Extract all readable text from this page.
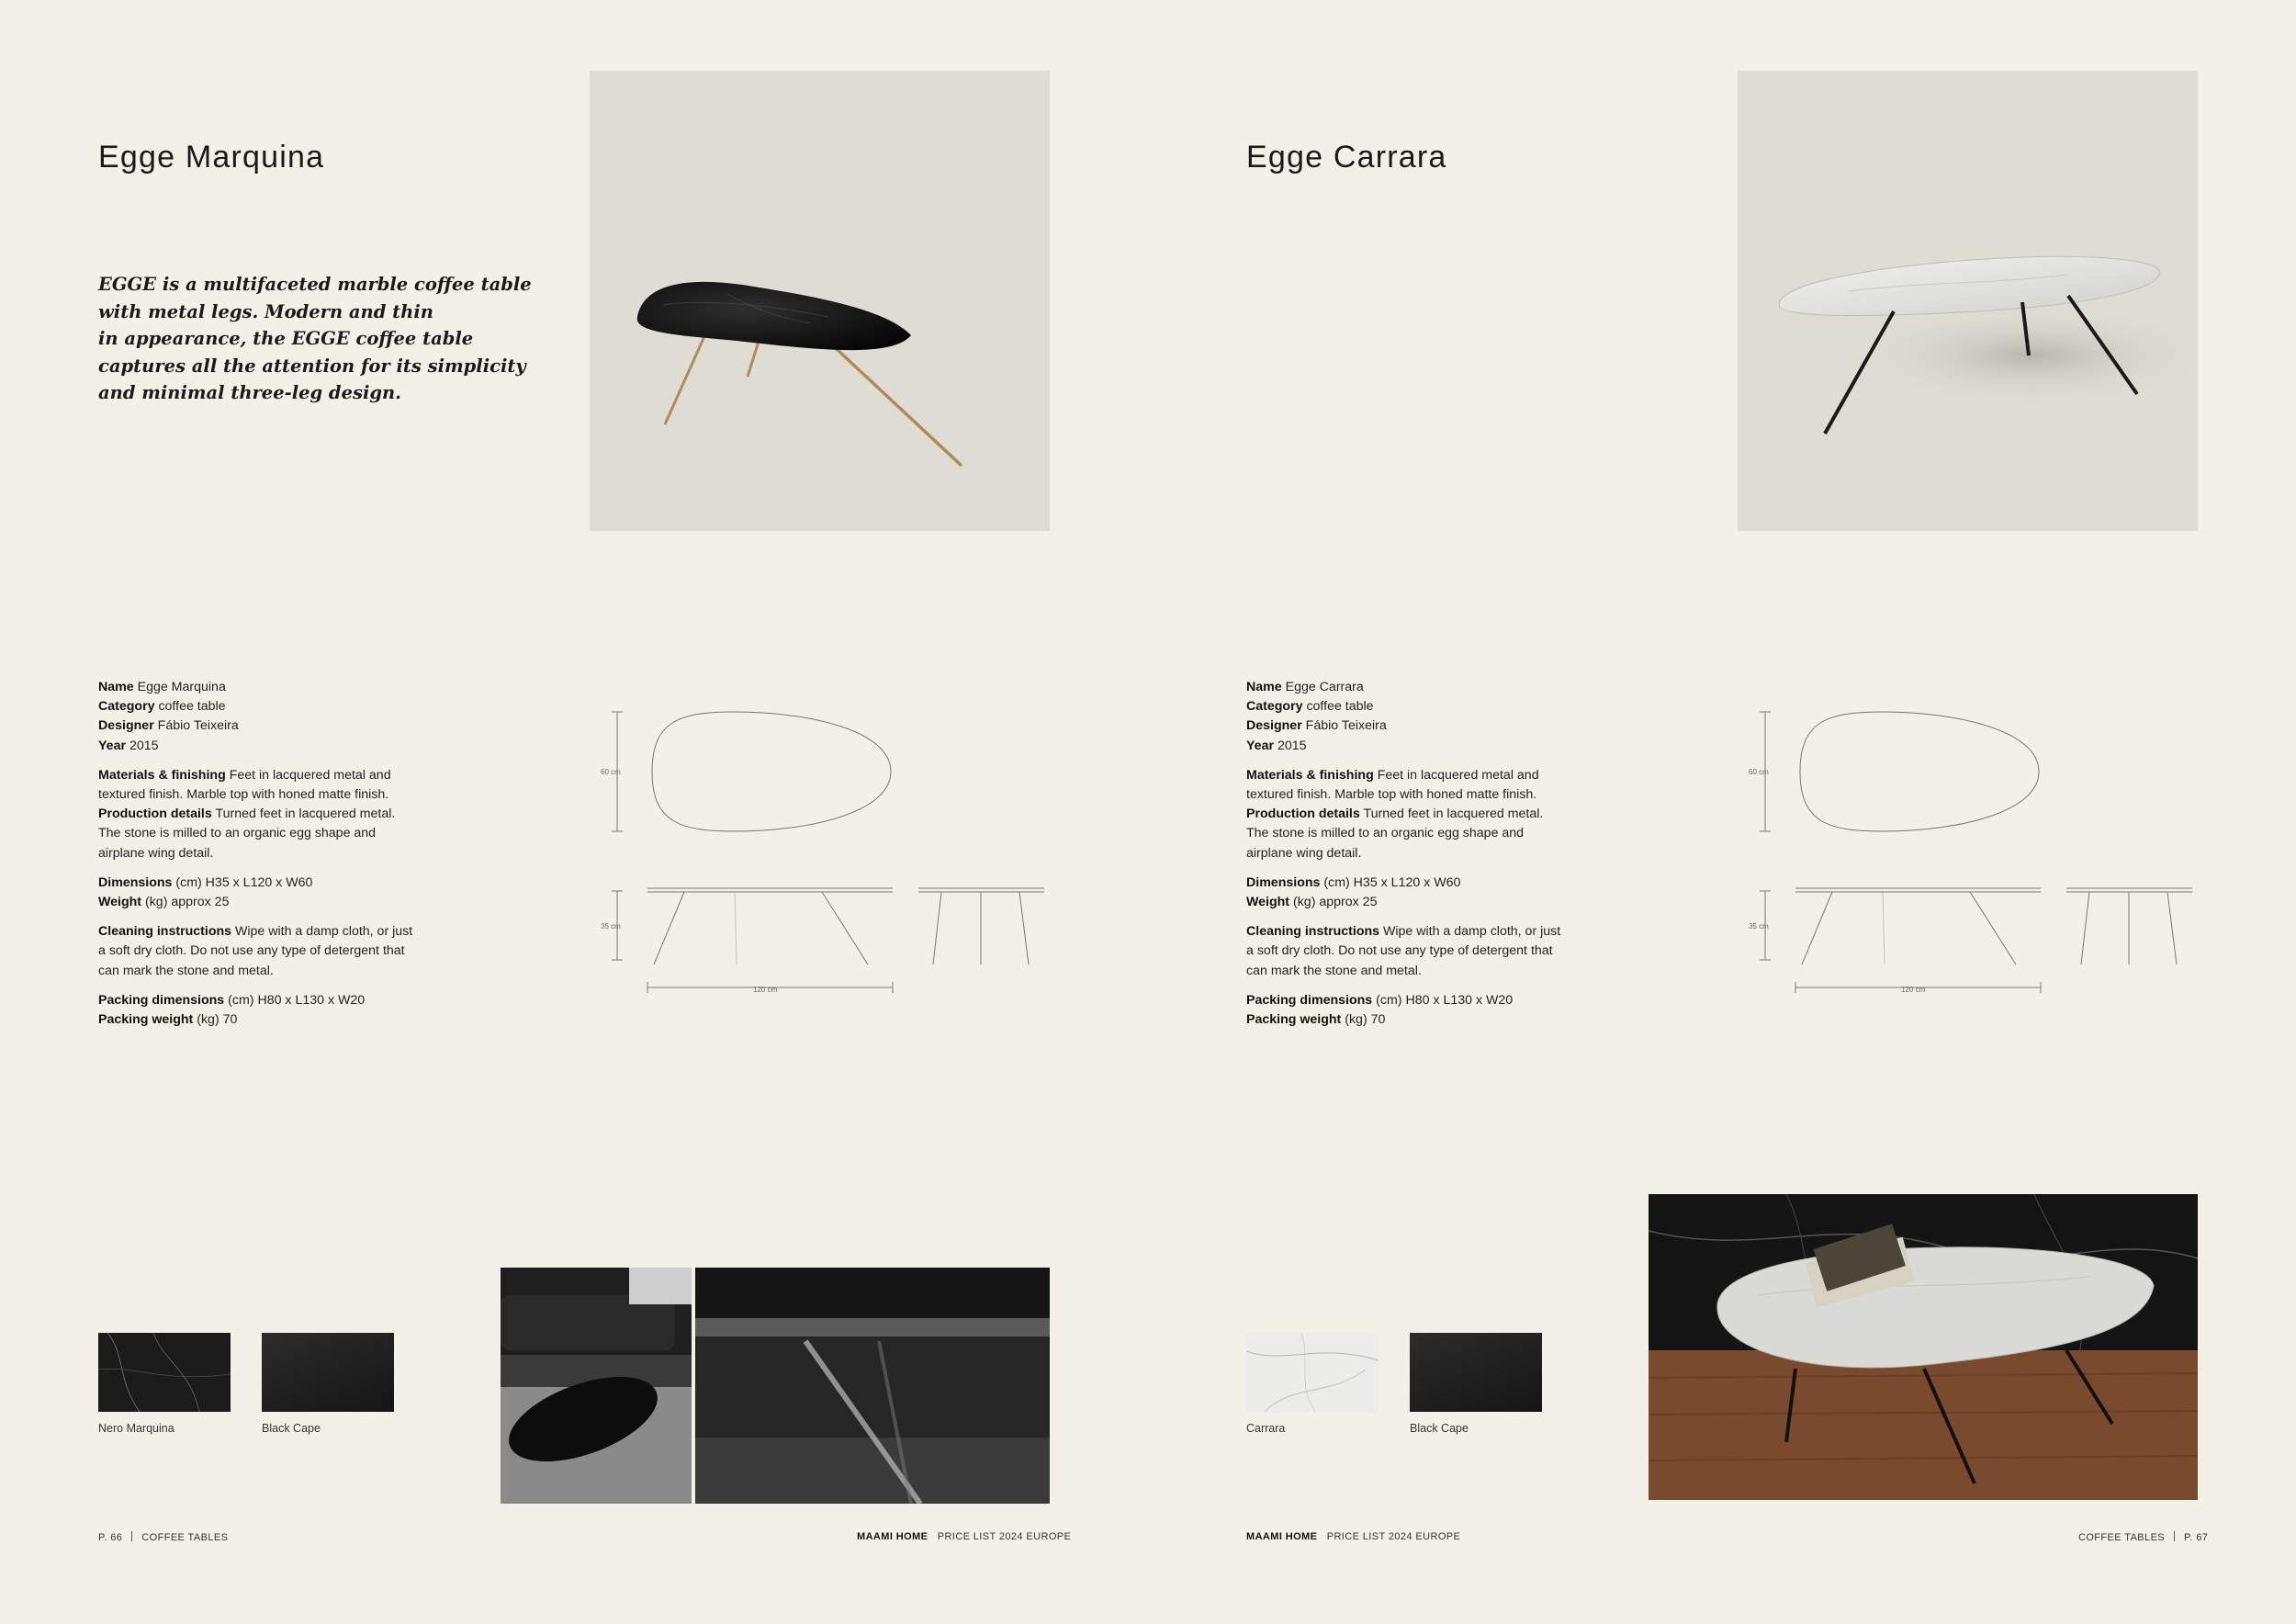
Egge Marquina
EGGE is a multifaceted marble coffee table
with metal legs. Modern and thin
in appearance, the EGGE coffee table
captures all the attention for its simplicity
and minimal three-leg design.

Name Egge Marquina
Category coffee table
Designer Fábio Teixeira
Year 2015

Materials & finishing Feet in lacquered metal and
textured finish. Marble top with honed matte finish.
Production details Turned feet in lacquered metal.
The stone is milled to an organic egg shape and
airplane wing detail.

Dimensions (cm) H35 x L120 x W60
Weight (kg) approx 25

Cleaning instructions Wipe with a damp cloth, or just
a soft dry cloth. Do not use any type of detergent that
can mark the stone and metal.

Packing dimensions (cm) H80 x L130 x W20
Packing weight (kg) 70

60 cm
35 cm
120 cm
Nero Marquina	Black Cape
P. 66 COFFEE TABLES	MAAMI HOME PRICE LIST 2024 EUROPE
Egge Carrara

Name Egge Carrara
Category coffee table
Designer Fábio Teixeira
Year 2015

Materials & finishing Feet in lacquered metal and
textured finish. Marble top with honed matte finish.
Production details Turned feet in lacquered metal.
The stone is milled to an organic egg shape and
airplane wing detail.

Dimensions (cm) H35 x L120 x W60
Weight (kg) approx 25

Cleaning instructions Wipe with a damp cloth, or just
a soft dry cloth. Do not use any type of detergent that
can mark the stone and metal.

Packing dimensions (cm) H80 x L130 x W20
Packing weight (kg) 70

60 cm
35 cm
120 cm
Carrara	Black Cape
MAAMI HOME PRICE LIST 2024 EUROPE	COFFEE TABLES P. 67
